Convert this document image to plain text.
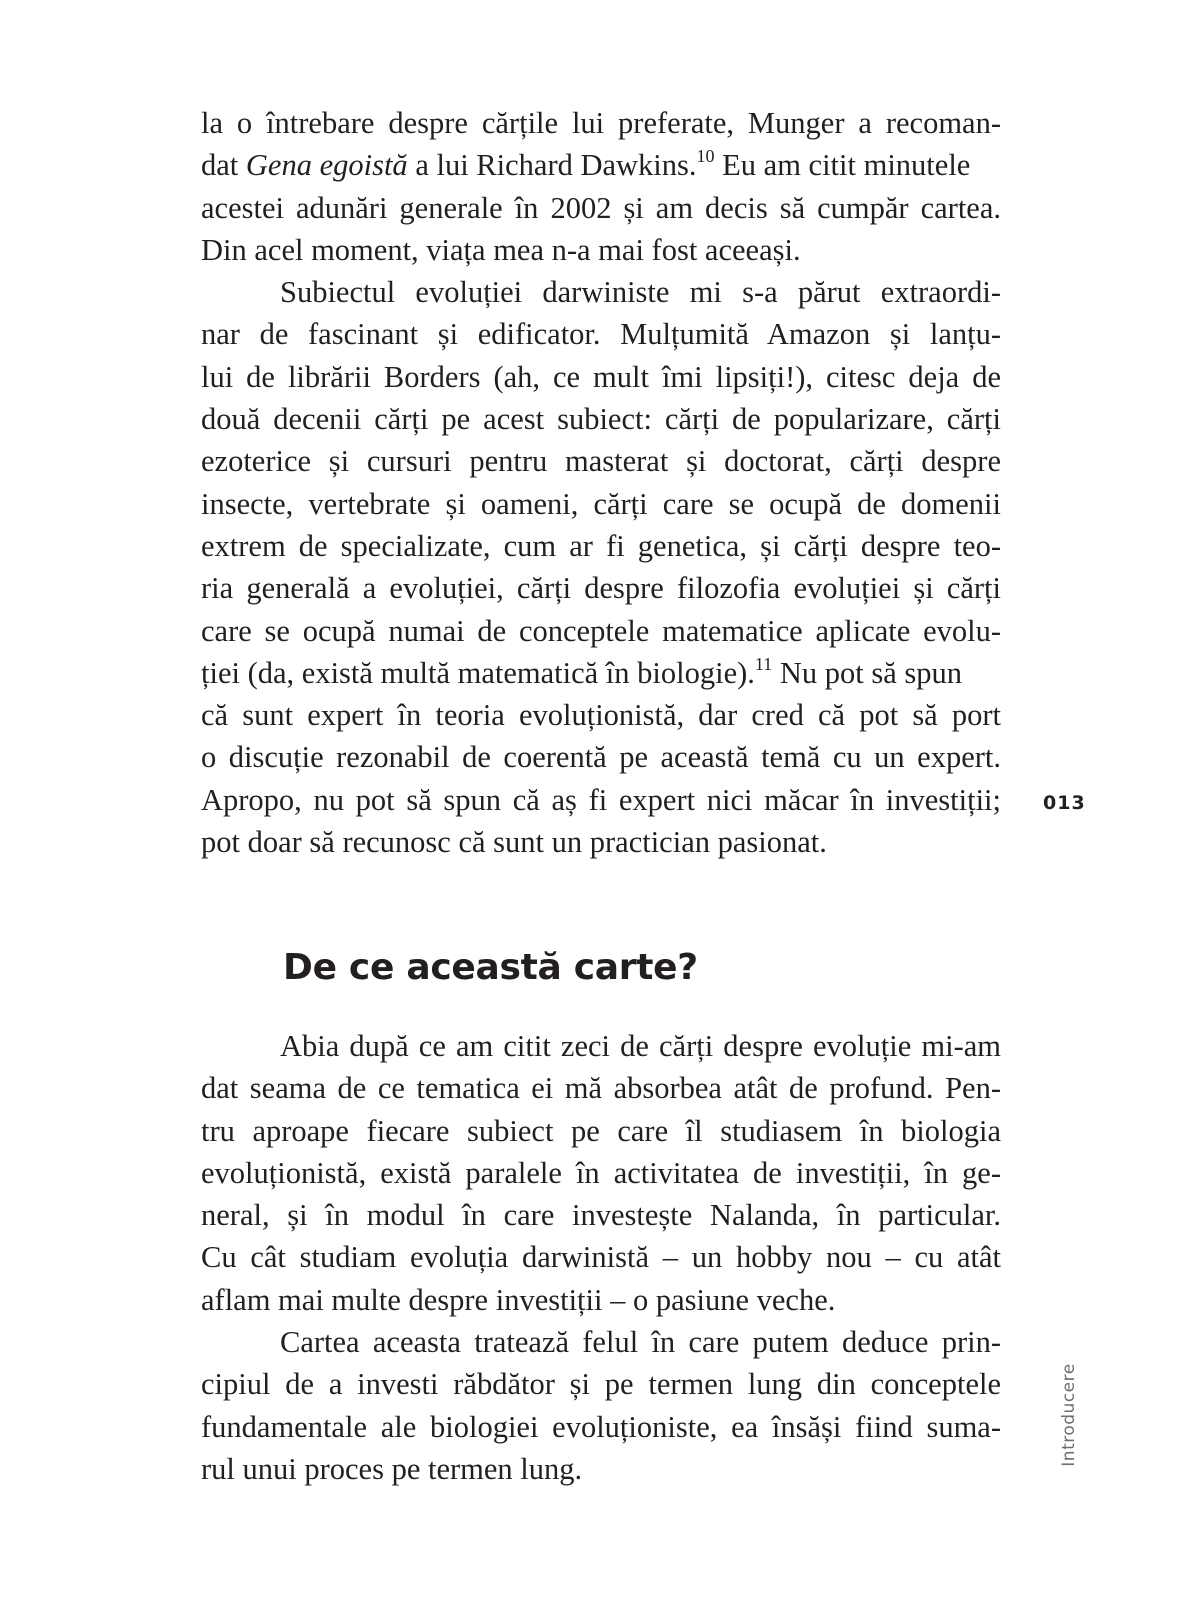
la o întrebare despre cărțile lui preferate, Munger a recoman-
dat Gena egoistă a lui Richard Dawkins.$^{10}$ Eu am citit minutele
acestei adunări generale în 2002 și am decis să cumpăr cartea.
Din acel moment, viața mea n-a mai fost aceeași.
Subiectul evoluției darwiniste mi s-a părut extraordi-
nar de fascinant și edificator. Mulțumită Amazon și lanțu-
lui de librării Borders (ah, ce mult îmi lipsiți!), citesc deja de
două decenii cărți pe acest subiect: cărți de popularizare, cărți
ezoterice și cursuri pentru masterat și doctorat, cărți despre
insecte, vertebrate și oameni, cărți care se ocupă de domenii
extrem de specializate, cum ar fi genetica, și cărți despre teo-
ria generală a evoluției, cărți despre filozofia evoluției și cărți
care se ocupă numai de conceptele matematice aplicate evolu-
ției (da, există multă matematică în biologie).$^{11}$ Nu pot să spun
că sunt expert în teoria evoluționistă, dar cred că pot să port
o discuție rezonabil de coerentă pe această temă cu un expert.
Apropo, nu pot să spun că aș fi expert nici măcar în investiții;
pot doar să recunosc că sunt un practician pasionat.
De ce această carte?
Abia după ce am citit zeci de cărți despre evoluție mi-am
dat seama de ce tematica ei mă absorbea atât de profund. Pen-
tru aproape fiecare subiect pe care îl studiasem în biologia
evoluționistă, există paralele în activitatea de investiții, în ge-
neral, și în modul în care investește Nalanda, în particular.
Cu cât studiam evoluția darwinistă – un hobby nou – cu atât
aflam mai multe despre investiții – o pasiune veche.
Cartea aceasta tratează felul în care putem deduce prin-
cipiul de a investi răbdător și pe termen lung din conceptele
fundamentale ale biologiei evoluționiste, ea însăși fiind suma-
rul unui proces pe termen lung.
013
Introducere
